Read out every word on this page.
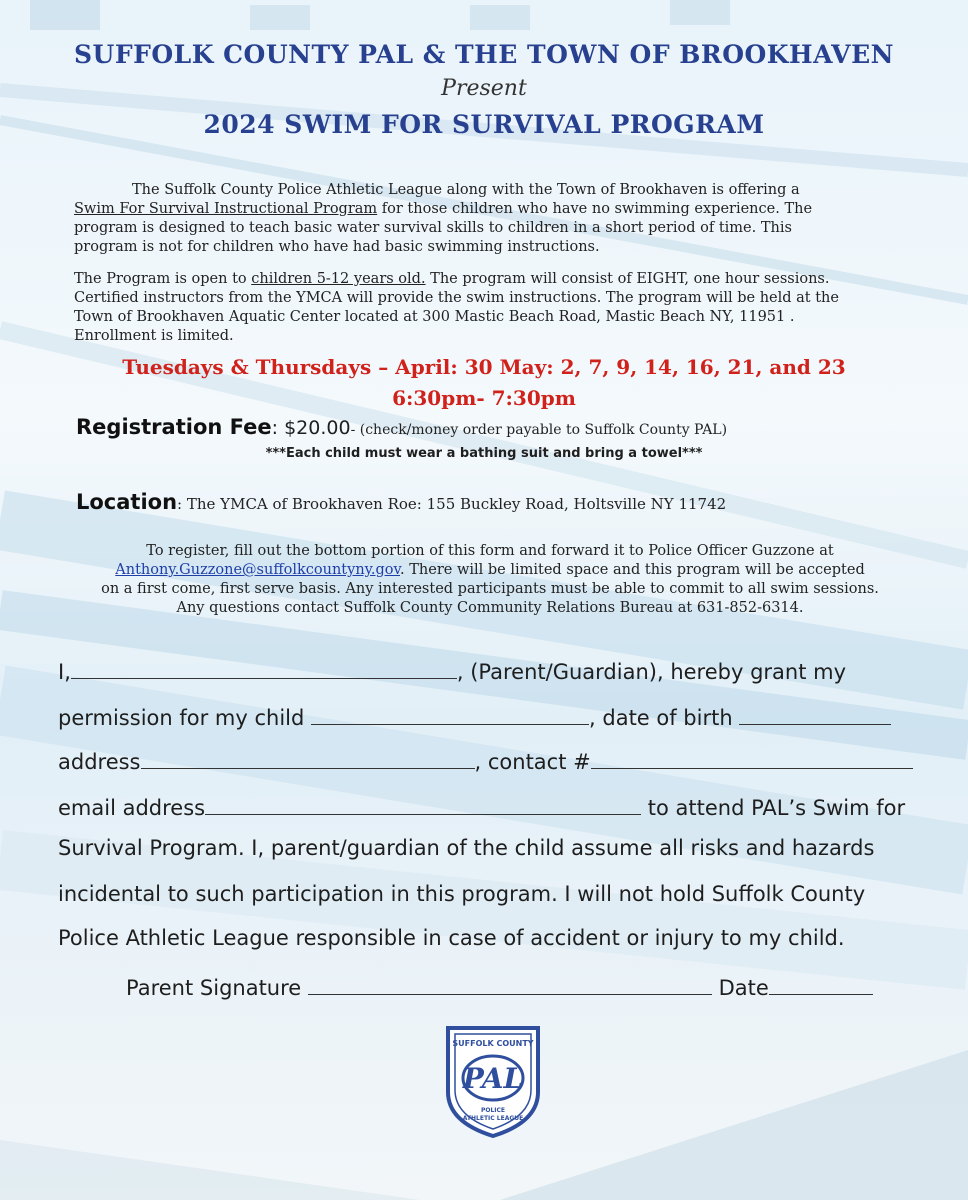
SUFFOLK COUNTY PAL & THE TOWN OF BROOKHAVEN
Present
2024 SWIM FOR SURVIVAL PROGRAM
The Suffolk County Police Athletic League along with the Town of Brookhaven is offering a
Swim For Survival Instructional Program for those children who have no swimming experience. The
program is designed to teach basic water survival skills to children in a short period of time. This
program is not for children who have had basic swimming instructions.
The Program is open to children 5-12 years old. The program will consist of EIGHT, one hour sessions.
Certified instructors from the YMCA will provide the swim instructions. The program will be held at the
Town of Brookhaven Aquatic Center located at 300 Mastic Beach Road, Mastic Beach NY, 11951 .
Enrollment is limited.
Tuesdays & Thursdays – April: 30 May: 2, 7, 9, 14, 16, 21, and 23
6:30pm- 7:30pm
Registration Fee: $20.00- (check/money order payable to Suffolk County PAL)
***Each child must wear a bathing suit and bring a towel***
Location: The YMCA of Brookhaven Roe: 155 Buckley Road, Holtsville NY 11742
To register, fill out the bottom portion of this form and forward it to Police Officer Guzzone at
Anthony.Guzzone@suffolkcountyny.gov. There will be limited space and this program will be accepted
on a first come, first serve basis. Any interested participants must be able to commit to all swim sessions.
Any questions contact Suffolk County Community Relations Bureau at 631-852-6314.
I,	, (Parent/Guardian), hereby grant my
permission for my child	, date of birth
address	, contact #
email address	to attend PAL’s Swim for
Survival Program. I, parent/guardian of the child assume all risks and hazards
incidental to such participation in this program. I will not hold Suffolk County
Police Athletic League responsible in case of accident or injury to my child.
Parent Signature	Date
SUFFOLK COUNTY
PAL
POLICE
ATHLETIC LEAGUE
